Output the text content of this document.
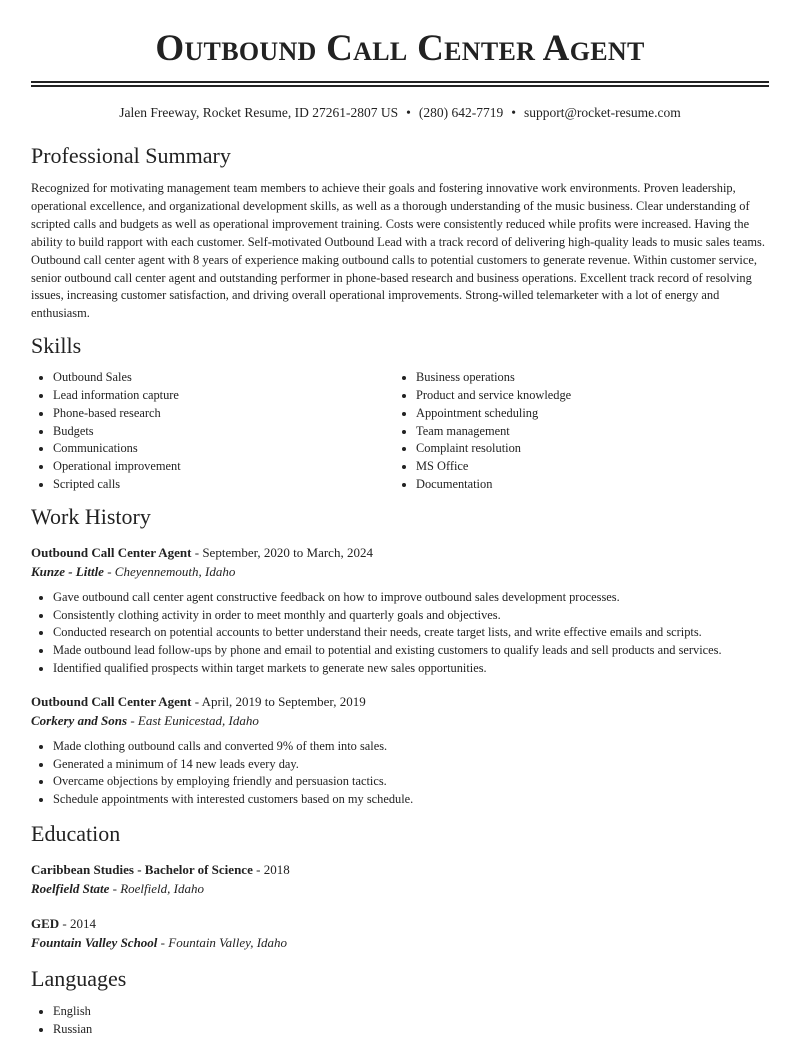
Outbound Call Center Agent
Jalen Freeway, Rocket Resume, ID 27261-2807 US • (280) 642-7719 • support@rocket-resume.com
Professional Summary

Recognized for motivating management team members to achieve their goals and fostering innovative work environments. Proven leadership, operational excellence, and organizational development skills, as well as a thorough understanding of the music business. Clear understanding of scripted calls and budgets as well as operational improvement training. Costs were consistently reduced while profits were increased. Having the ability to build rapport with each customer. Self-motivated Outbound Lead with a track record of delivering high-quality leads to music sales teams. Outbound call center agent with 8 years of experience making outbound calls to potential customers to generate revenue. Within customer service, senior outbound call center agent and outstanding performer in phone-based research and business operations. Excellent track record of resolving issues, increasing customer satisfaction, and driving overall operational improvements. Strong-willed telemarketer with a lot of energy and enthusiasm.

Skills
• Outbound Sales
• Lead information capture
• Phone-based research
• Budgets
• Communications
• Operational improvement
• Scripted calls
• Business operations
• Product and service knowledge
• Appointment scheduling
• Team management
• Complaint resolution
• MS Office
• Documentation
Work History
Outbound Call Center Agent - September, 2020 to March, 2024
Kunze - Little - Cheyennemouth, Idaho
• Gave outbound call center agent constructive feedback on how to improve outbound sales development processes.
• Consistently clothing activity in order to meet monthly and quarterly goals and objectives.
• Conducted research on potential accounts to better understand their needs, create target lists, and write effective emails and scripts.
• Made outbound lead follow-ups by phone and email to potential and existing customers to qualify leads and sell products and services.
• Identified qualified prospects within target markets to generate new sales opportunities.
Outbound Call Center Agent - April, 2019 to September, 2019
Corkery and Sons - East Eunicestad, Idaho
• Made clothing outbound calls and converted 9% of them into sales.
• Generated a minimum of 14 new leads every day.
• Overcame objections by employing friendly and persuasion tactics.
• Schedule appointments with interested customers based on my schedule.
Education
Caribbean Studies - Bachelor of Science - 2018
Roelfield State - Roelfield, Idaho
GED - 2014
Fountain Valley School - Fountain Valley, Idaho
Languages
• English
• Russian
